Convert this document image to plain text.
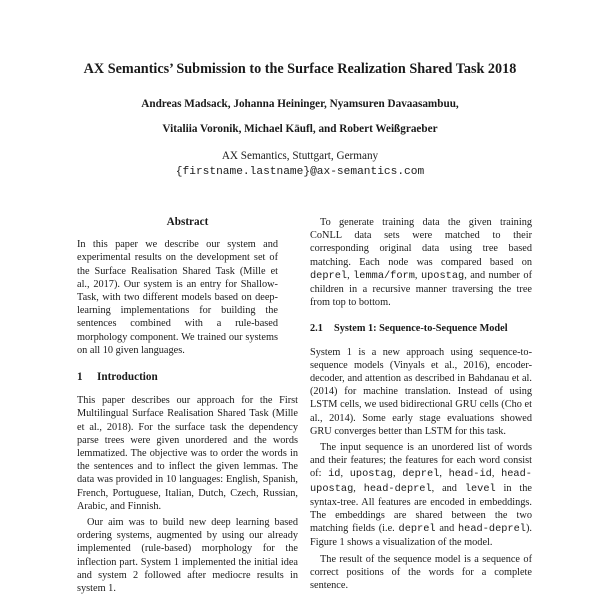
AX Semantics’ Submission to the Surface Realization Shared Task 2018
Andreas Madsack, Johanna Heininger, Nyamsuren Davaasambuu,
Vitaliia Voronik, Michael Käufl, and Robert Weißgraeber
AX Semantics, Stuttgart, Germany
{firstname.lastname}@ax-semantics.com
Abstract

In this paper we describe our system and experimental results on the development set of the Surface Realisation Shared Task (Mille et al., 2017). Our system is an entry for Shallow-Task, with two different models based on deep-learning implementations for building the sentences combined with a rule-based morphology component. We trained our systems on all 10 given languages.

1 Introduction

This paper describes our approach for the First Multilingual Surface Realisation Shared Task (Mille et al., 2018). For the surface task the dependency parse trees were given unordered and the words lemmatized. The objective was to order the words in the sentences and to inflect the given lemmas. The data was provided in 10 languages: English, Spanish, French, Portuguese, Italian, Dutch, Czech, Russian, Arabic, and Finnish.

Our aim was to build new deep learning based ordering systems, augmented by using our already implemented (rule-based) morphology for the inflection part. System 1 implemented the initial idea and system 2 followed after mediocre results in system 1.

To generate training data the given training CoNLL data sets were matched to their corresponding original data using tree based matching. Each node was compared based on deprel, lemma/form, upostag, and number of children in a recursive manner traversing the tree from top to bottom.

2.1 System 1: Sequence-to-Sequence Model

System 1 is a new approach using sequence-to-sequence models (Vinyals et al., 2016), encoder-decoder, and attention as described in Bahdanau et al. (2014) for machine translation. Instead of using LSTM cells, we used bidirectional GRU cells (Cho et al., 2014). Some early stage evaluations showed GRU converges better than LSTM for this task.

The input sequence is an unordered list of words and their features; the features for each word consist of: id, upostag, deprel, head-id, head-upostag, head-deprel, and level in the syntax-tree. All features are encoded in embeddings. The embeddings are shared between the two matching fields (i.e. deprel and head-deprel). Figure 1 shows a visualization of the model.

The result of the sequence model is a sequence of correct positions of the words for a complete sentence.
